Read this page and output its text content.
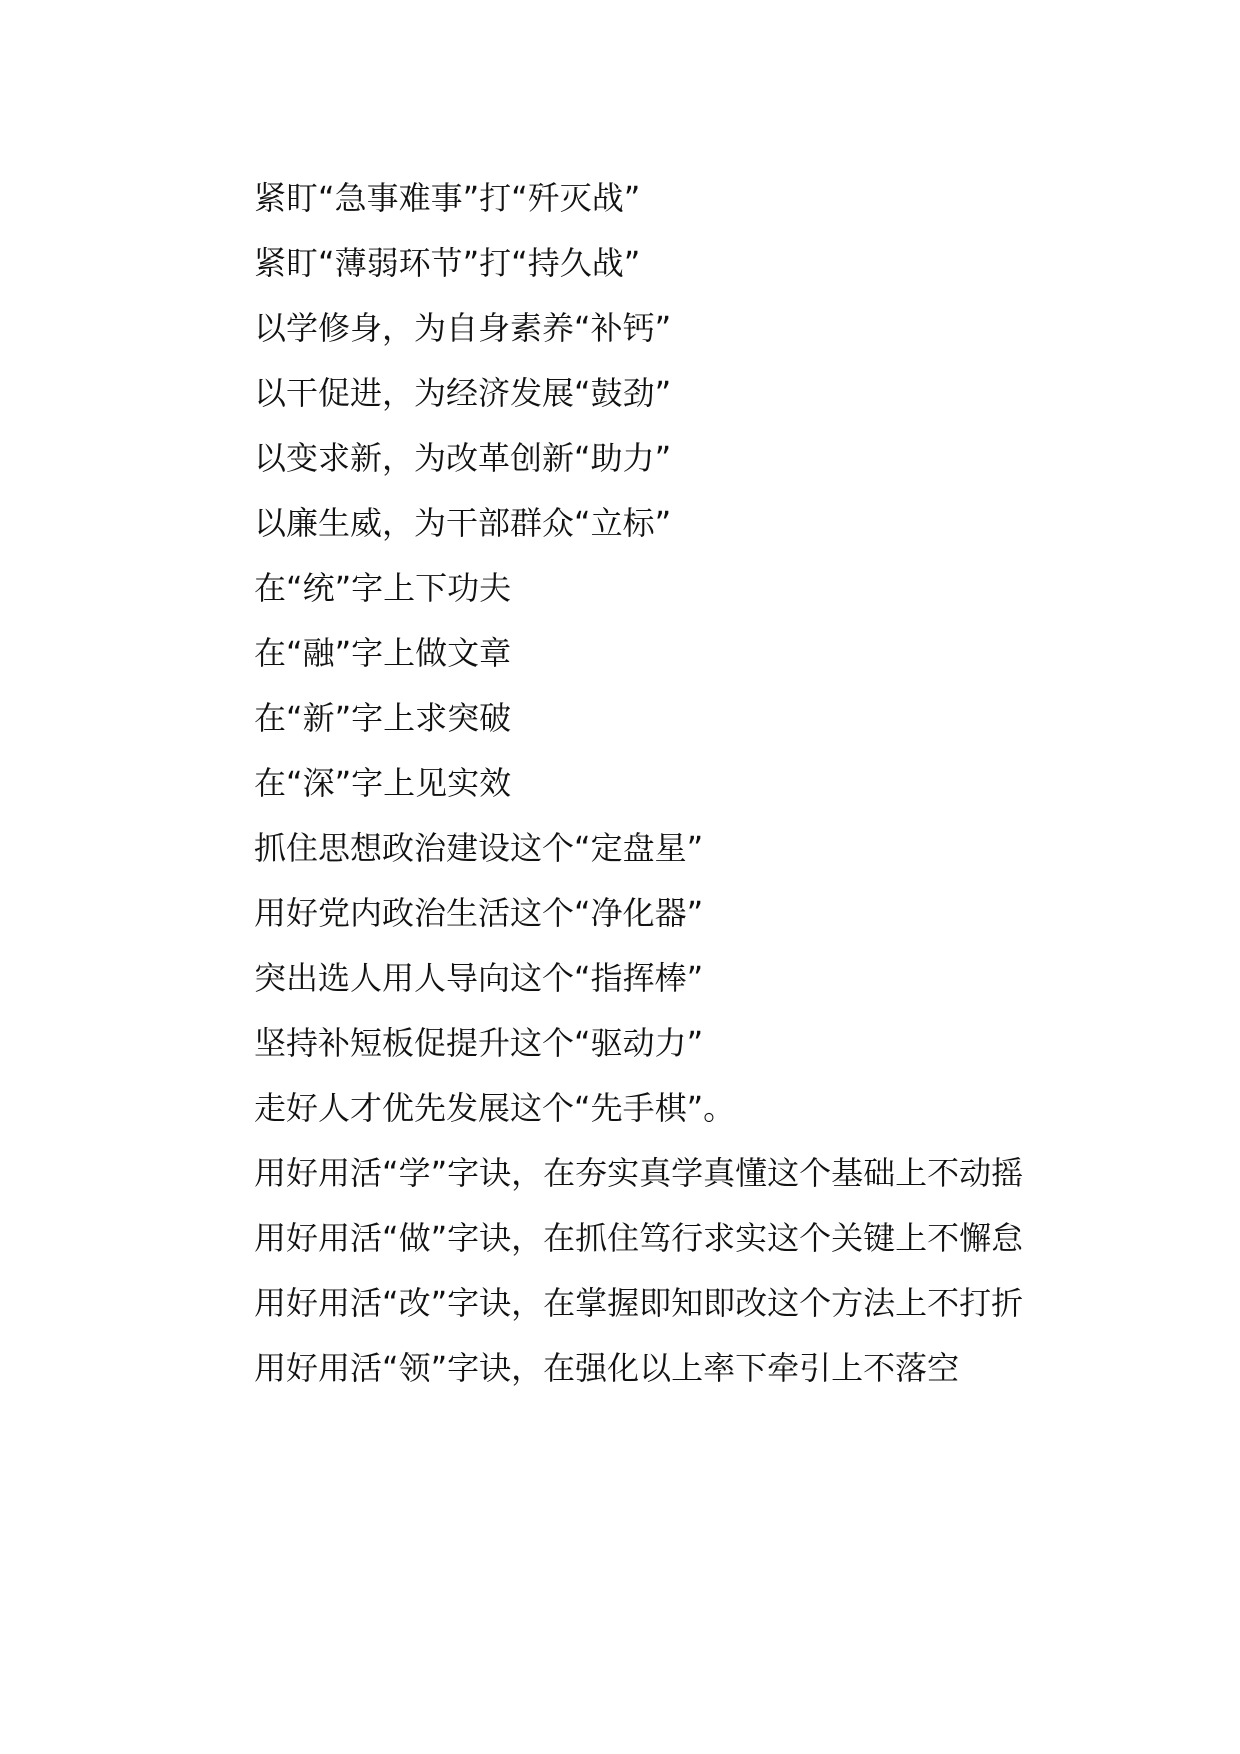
紧盯“急事难事”打“歼灭战”

紧盯“薄弱环节”打“持久战”

以学修身，为自身素养“补钙”

以干促进，为经济发展“鼓劲”

以变求新，为改革创新“助力”

以廉生威，为干部群众“立标”

在“统”字上下功夫

在“融”字上做文章

在“新”字上求突破

在“深”字上见实效

抓住思想政治建设这个“定盘星”

用好党内政治生活这个“净化器”

突出选人用人导向这个“指挥棒”

坚持补短板促提升这个“驱动力”

走好人才优先发展这个“先手棋”。

用好用活“学”字诀，在夯实真学真懂这个基础上不动摇

用好用活“做”字诀，在抓住笃行求实这个关键上不懈怠

用好用活“改”字诀，在掌握即知即改这个方法上不打折

用好用活“领”字诀，在强化以上率下牵引上不落空
